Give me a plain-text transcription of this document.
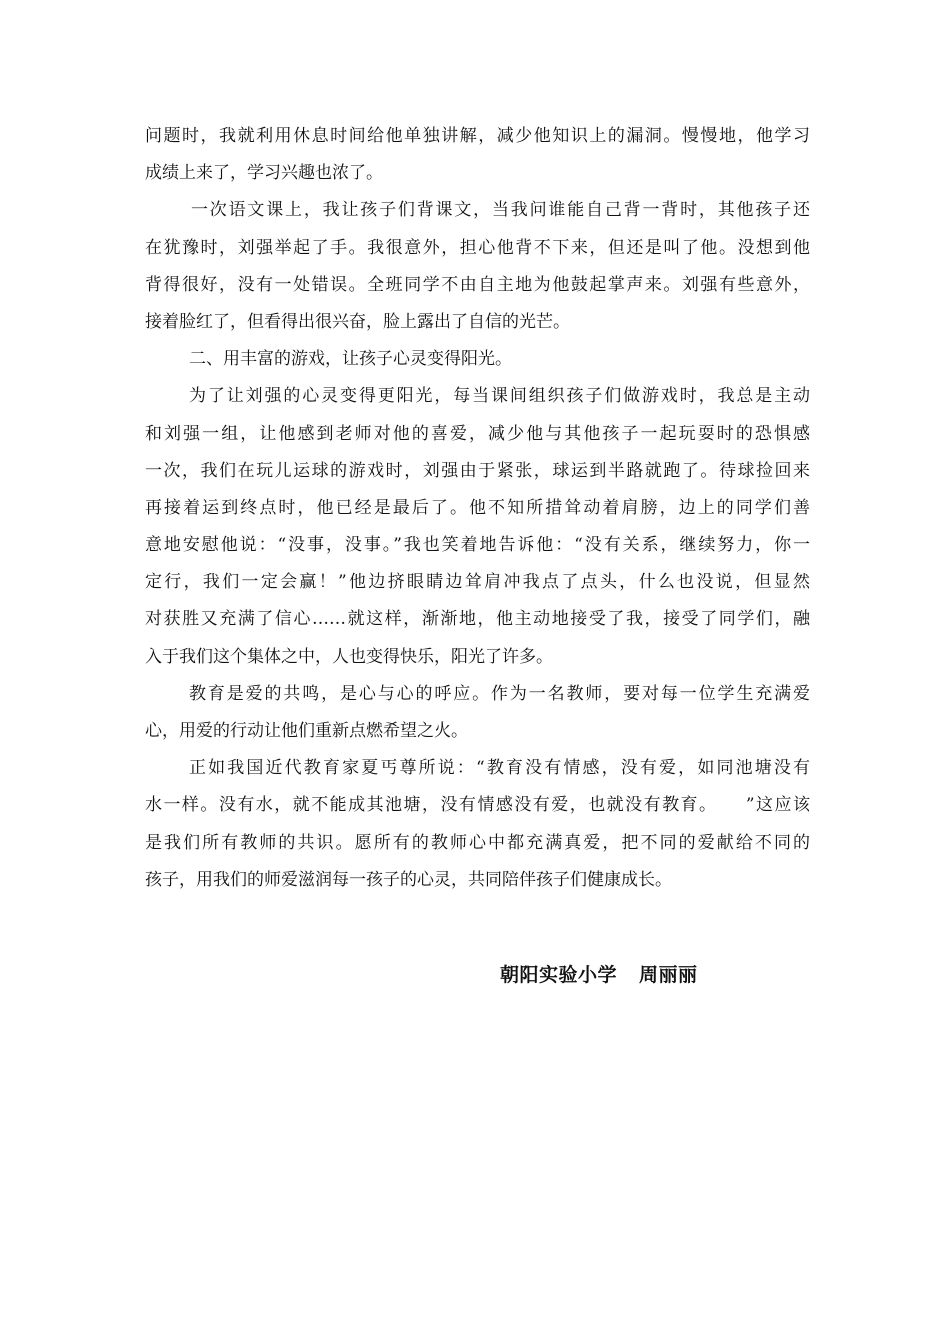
问题时，我就利用休息时间给他单独讲解，减少他知识上的漏洞。慢慢地，他学习
成绩上来了，学习兴趣也浓了。
一次语文课上，我让孩子们背课文，当我问谁能自己背一背时，其他孩子还
在犹豫时，刘强举起了手。我很意外，担心他背不下来，但还是叫了他。没想到他
背得很好，没有一处错误。全班同学不由自主地为他鼓起掌声来。刘强有些意外，
接着脸红了，但看得出很兴奋，脸上露出了自信的光芒。
二、用丰富的游戏，让孩子心灵变得阳光。
为了让刘强的心灵变得更阳光，每当课间组织孩子们做游戏时，我总是主动
和刘强一组，让他感到老师对他的喜爱，减少他与其他孩子一起玩耍时的恐惧感
一次，我们在玩儿运球的游戏时，刘强由于紧张，球运到半路就跑了。待球捡回来
再接着运到终点时，他已经是最后了。他不知所措耸动着肩膀，边上的同学们善
意地安慰他说：“没事，没事。”我也笑着地告诉他：“没有关系，继续努力，你一
定行，我们一定会赢！”他边挤眼睛边耸肩冲我点了点头，什么也没说，但显然
对获胜又充满了信心……就这样，渐渐地，他主动地接受了我，接受了同学们，融
入于我们这个集体之中，人也变得快乐，阳光了许多。
教育是爱的共鸣，是心与心的呼应。作为一名教师，要对每一位学生充满爱
心，用爱的行动让他们重新点燃希望之火。
正如我国近代教育家夏丐尊所说：“教育没有情感，没有爱，如同池塘没有
水一样。没有水，就不能成其池塘，没有情感没有爱，也就没有教育。　　”这应该
是我们所有教师的共识。愿所有的教师心中都充满真爱，把不同的爱献给不同的
孩子，用我们的师爱滋润每一孩子的心灵，共同陪伴孩子们健康成长。
朝阳实验小学 周丽丽
